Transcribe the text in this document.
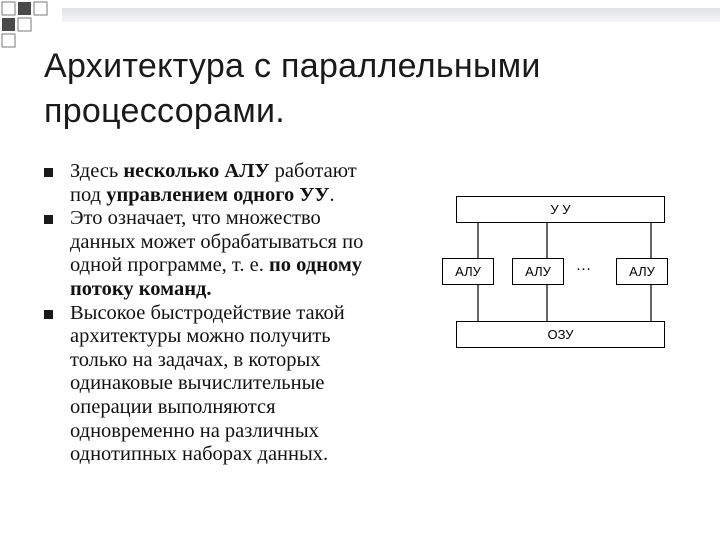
Архитектура с параллельными
процессорами.
Здесь несколько АЛУ работают
под управлением одного УУ.
Это означает, что множество
данных может обрабатываться по
одной программе, т. е. по одному
потоку команд.
Высокое быстродействие такой
архитектуры можно получить
только на задачах, в которых
одинаковые вычислительные
операции выполняются
одновременно на различных
однотипных наборах данных.
У У
АЛУ	АЛУ …	АЛУ
ОЗУ
